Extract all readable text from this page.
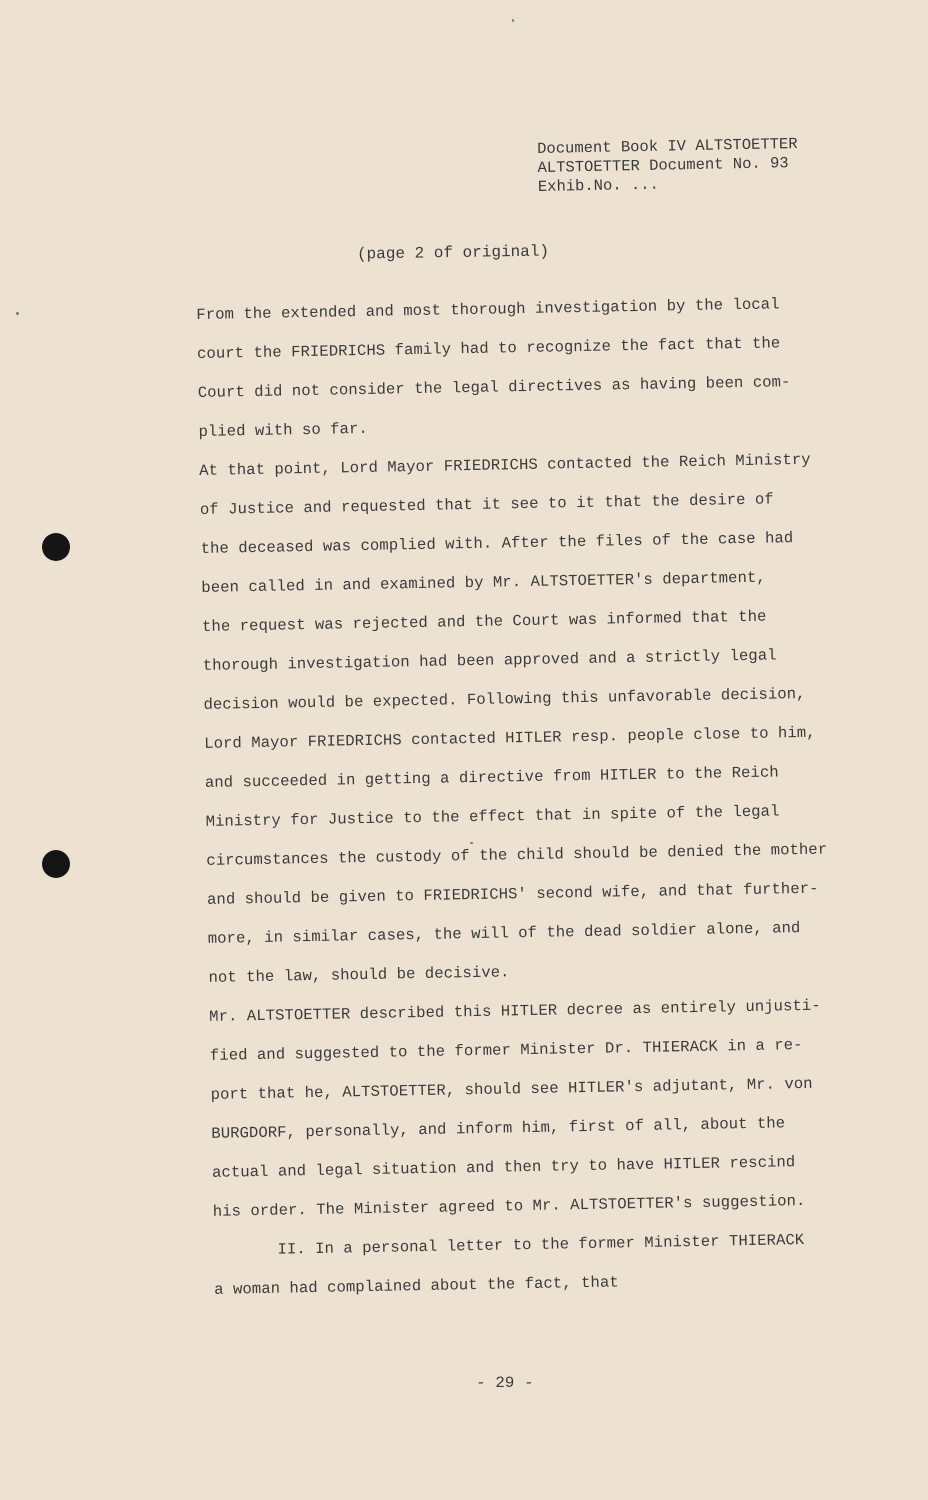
Document Book IV ALTSTOETTER
ALTSTOETTER Document No. 93
Exhib.No. ...
(page 2 of original)
From the extended and most thorough investigation by the local
court the FRIEDRICHS family had to recognize the fact that the
Court did not consider the legal directives as having been com-
plied with so far.
At that point, Lord Mayor FRIEDRICHS contacted the Reich Ministry
of Justice and requested that it see to it that the desire of
the deceased was complied with. After the files of the case had
been called in and examined by Mr. ALTSTOETTER's department,
the request was rejected and the Court was informed that the
thorough investigation had been approved and a strictly legal
decision would be expected. Following this unfavorable decision,
Lord Mayor FRIEDRICHS contacted HITLER resp. people close to him,
and succeeded in getting a directive from HITLER to the Reich
Ministry for Justice to the effect that in spite of the legal
circumstances the custody of the child should be denied the mother
and should be given to FRIEDRICHS' second wife, and that further-
more, in similar cases, the will of the dead soldier alone, and
not the law, should be decisive.
Mr. ALTSTOETTER described this HITLER decree as entirely unjusti-
fied and suggested to the former Minister Dr. THIERACK in a re-
port that he, ALTSTOETTER, should see HITLER's adjutant, Mr. von
BURGDORF, personally, and inform him, first of all, about the
actual and legal situation and then try to have HITLER rescind
his order. The Minister agreed to Mr. ALTSTOETTER's suggestion.
II. In a personal letter to the former Minister THIERACK
a woman had complained about the fact, that
- 29 -
